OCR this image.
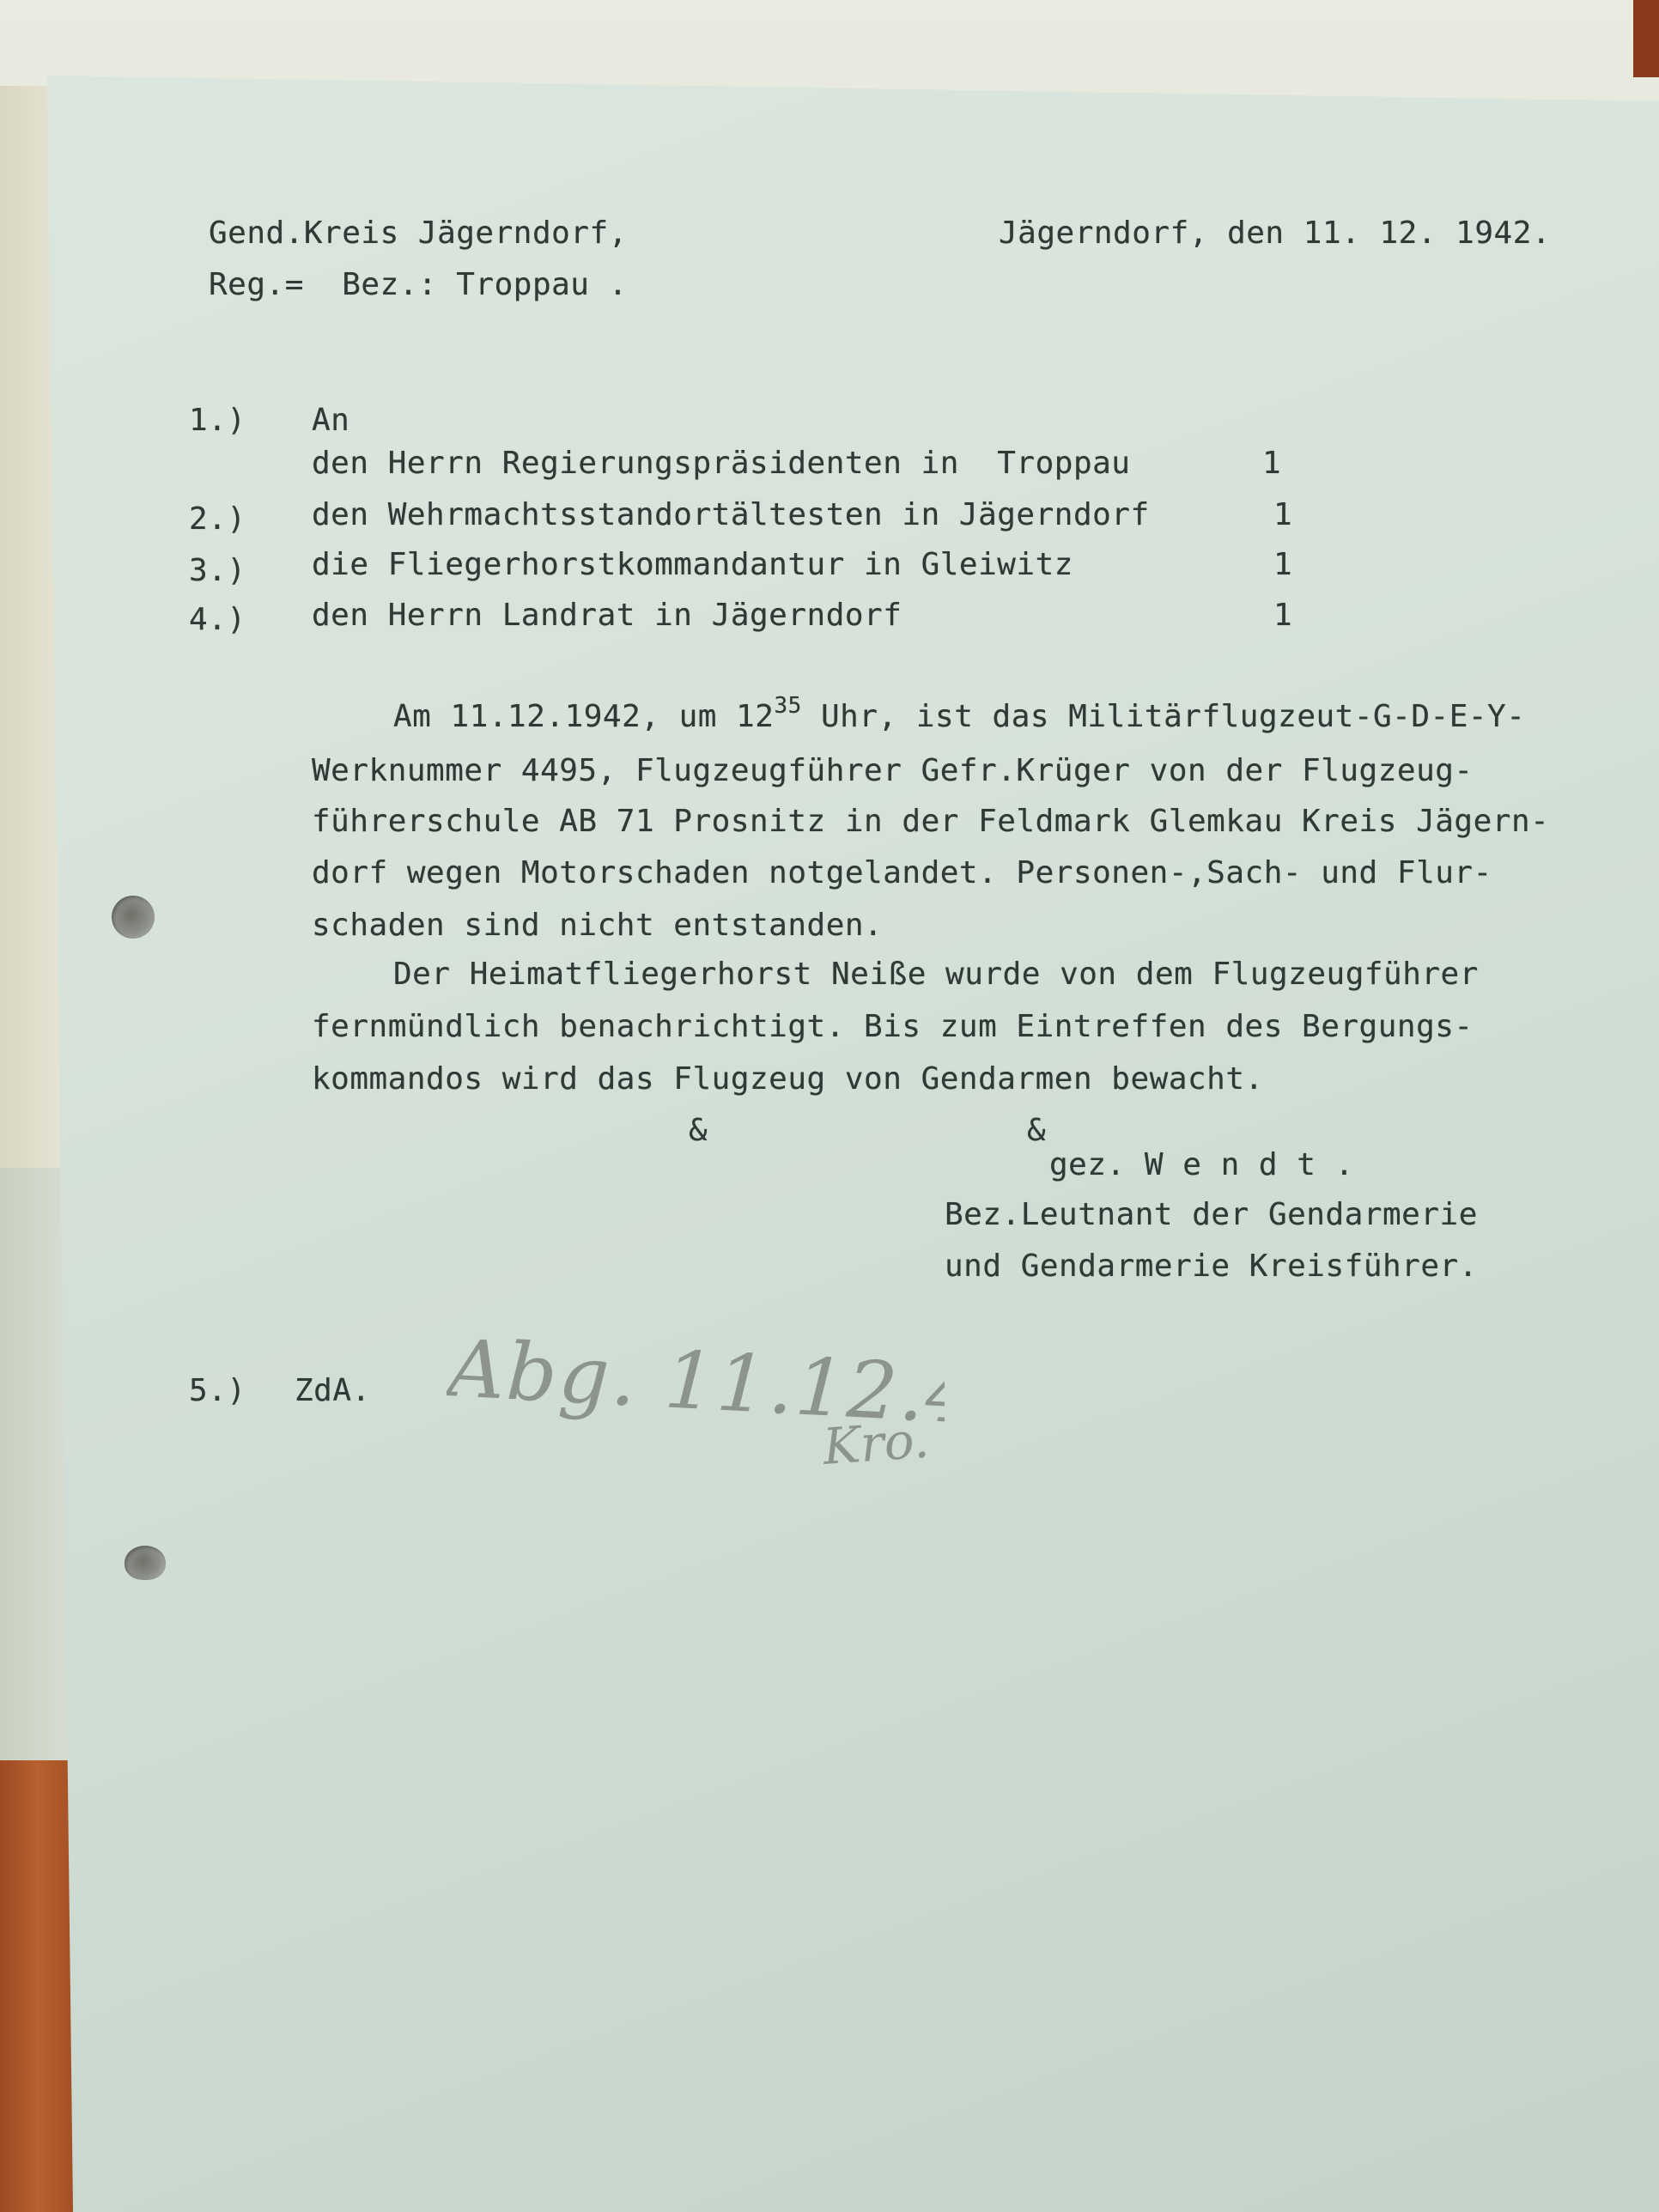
Gend.Kreis Jägerndorf,
Reg.=  Bez.: Troppau .
Jägerndorf, den 11. 12. 1942.
1.) An
den Herrn Regierungspräsidenten in  Troppau	1
2.) den Wehrmachtsstandortältesten in Jägerndorf	1
3.) die Fliegerhorstkommandantur in Gleiwitz	1
4.) den Herrn Landrat in Jägerndorf	1
Am 11.12.1942, um $12^{35}$ Uhr, ist das Militärflugzeut-G-D-E-Y-
Werknummer 4495, Flugzeugführer Gefr.Krüger von der Flugzeug-
führerschule AB 71 Prosnitz in der Feldmark Glemkau Kreis Jägern-
dorf wegen Motorschaden notgelandet. Personen-,Sach- und Flur-
schaden sind nicht entstanden.
Der Heimatfliegerhorst Neiße wurde von dem Flugzeugführer
fernmündlich benachrichtigt. Bis zum Eintreffen des Bergungs-
kommandos wird das Flugzeug von Gendarmen bewacht.
&	&
gez. W e n d t .
Bez.Leutnant der Gendarmerie
und Gendarmerie Kreisführer.
5.) ZdA. Abg. 11.12.42.
Kro.
